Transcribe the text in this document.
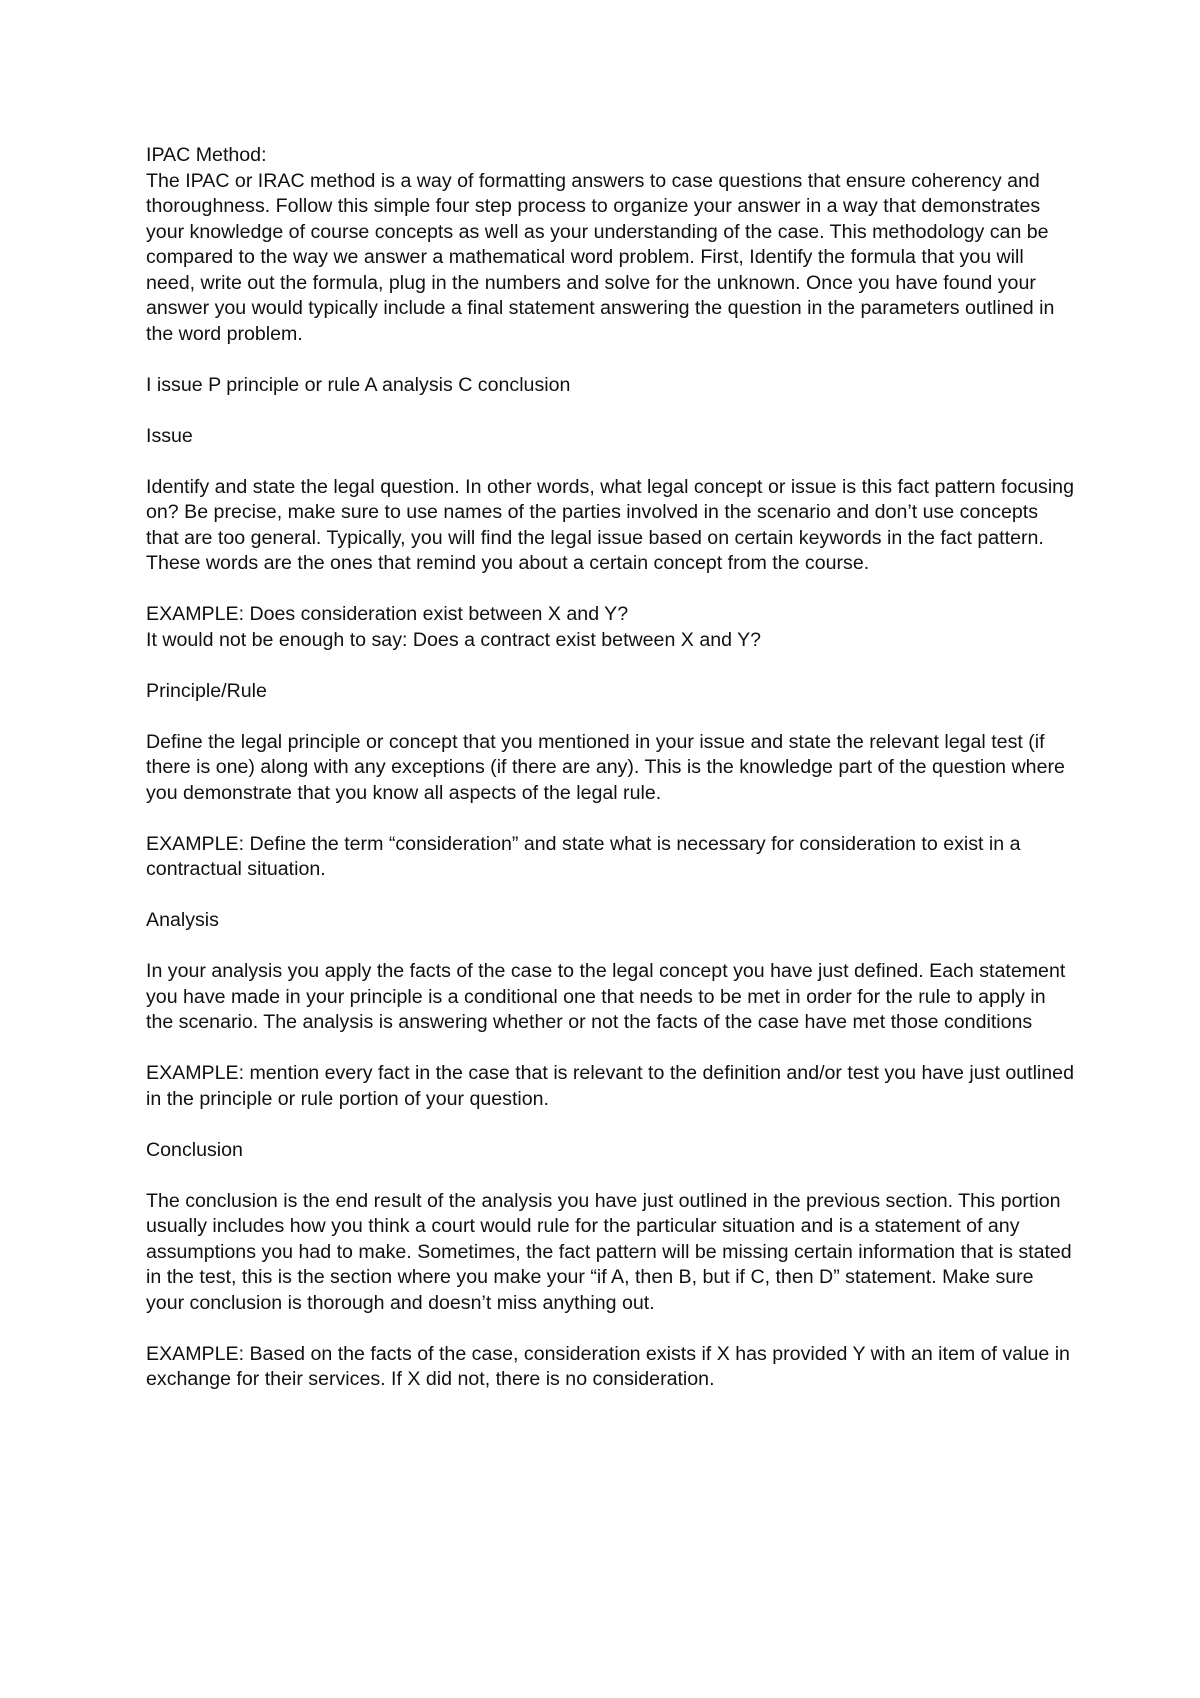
IPAC Method:

The IPAC or IRAC method is a way of formatting answers to case questions that ensure coherency and thoroughness. Follow this simple four step process to organize your answer in a way that demonstrates your knowledge of course concepts as well as your understanding of the case. This methodology can be compared to the way we answer a mathematical word problem. First, Identify the formula that you will need, write out the formula, plug in the numbers and solve for the unknown. Once you have found your answer you would typically include a final statement answering the question in the parameters outlined in the word problem.

I issue P principle or rule A analysis C conclusion

Issue

Identify and state the legal question. In other words, what legal concept or issue is this fact pattern focusing on? Be precise, make sure to use names of the parties involved in the scenario and don’t use concepts that are too general. Typically, you will find the legal issue based on certain keywords in the fact pattern. These words are the ones that remind you about a certain concept from the course.

EXAMPLE: Does consideration exist between X and Y?

It would not be enough to say: Does a contract exist between X and Y?

Principle/Rule

Define the legal principle or concept that you mentioned in your issue and state the relevant legal test (if there is one) along with any exceptions (if there are any). This is the knowledge part of the question where you demonstrate that you know all aspects of the legal rule.

EXAMPLE: Define the term “consideration” and state what is necessary for consideration to exist in a contractual situation.

Analysis

In your analysis you apply the facts of the case to the legal concept you have just defined. Each statement you have made in your principle is a conditional one that needs to be met in order for the rule to apply in the scenario. The analysis is answering whether or not the facts of the case have met those conditions

EXAMPLE: mention every fact in the case that is relevant to the definition and/or test you have just outlined in the principle or rule portion of your question.

Conclusion

The conclusion is the end result of the analysis you have just outlined in the previous section. This portion usually includes how you think a court would rule for the particular situation and is a statement of any assumptions you had to make. Sometimes, the fact pattern will be missing certain information that is stated in the test, this is the section where you make your “if A, then B, but if C, then D” statement. Make sure your conclusion is thorough and doesn’t miss anything out.

EXAMPLE: Based on the facts of the case, consideration exists if X has provided Y with an item of value in exchange for their services. If X did not, there is no consideration.
